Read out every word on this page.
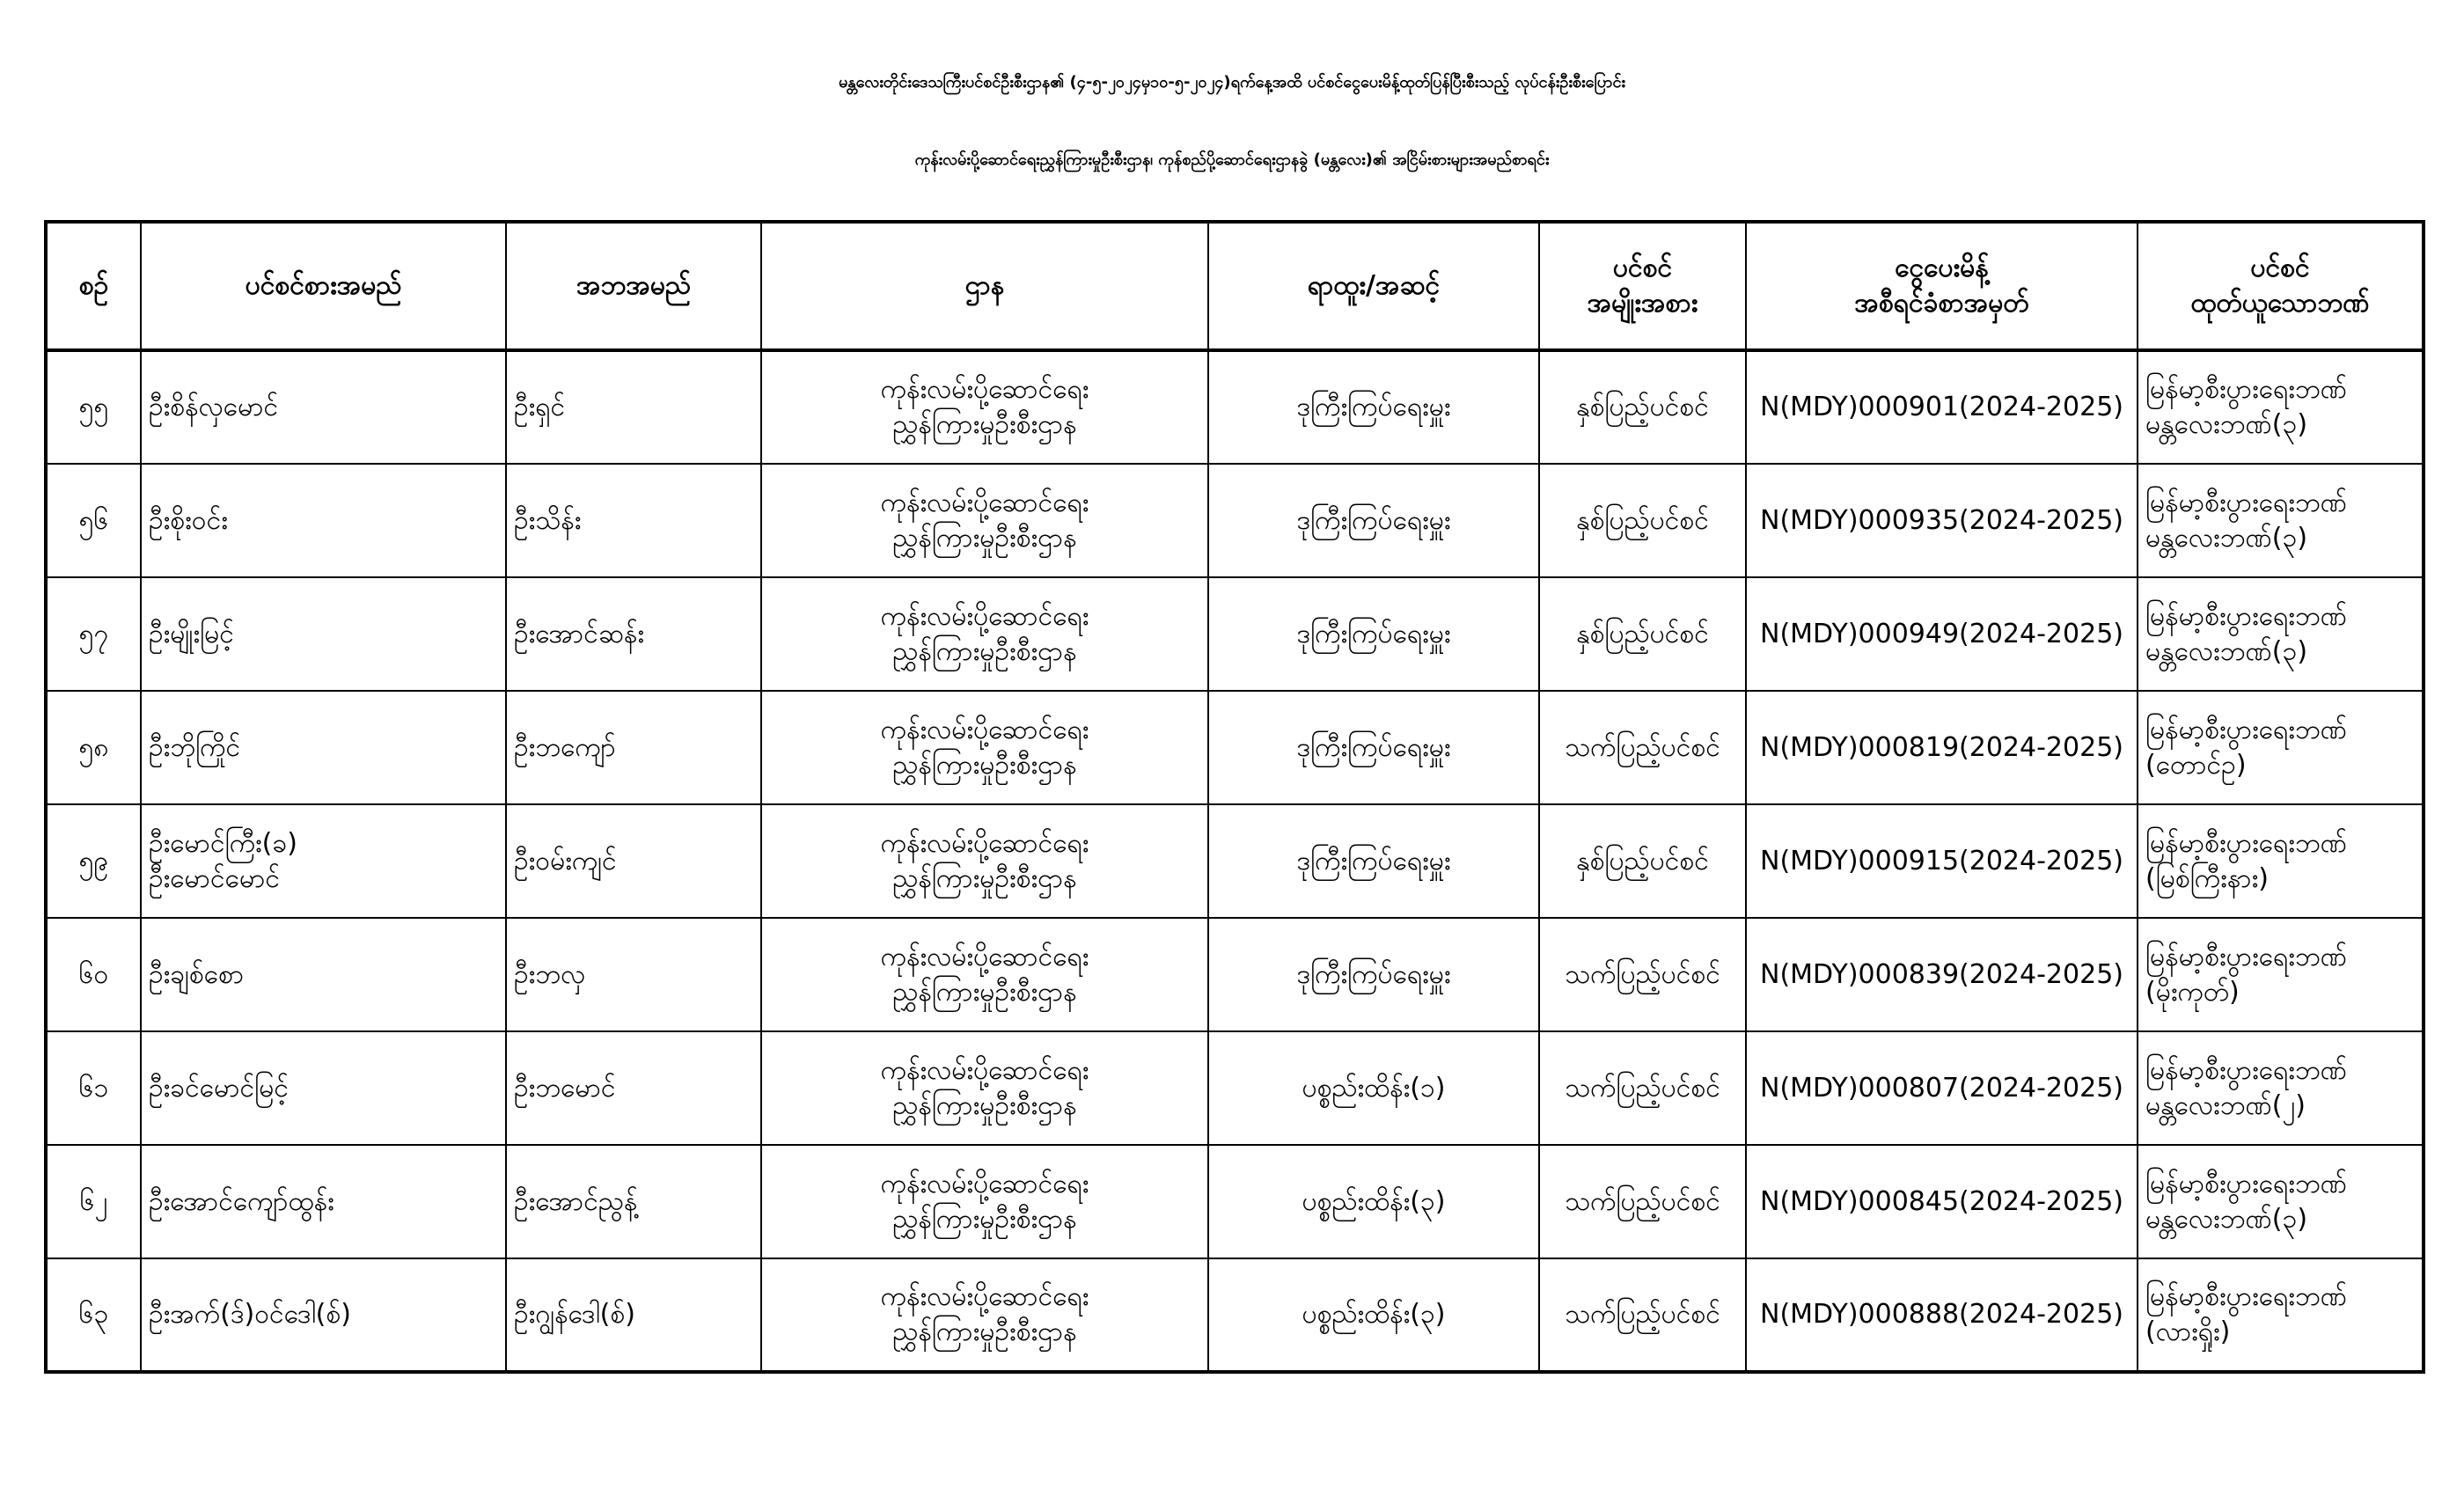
မန္တလေးတိုင်းဒေသကြီးပင်စင်ဦးစီးဌာန၏ (၄-၅-၂၀၂၄မှ၁၀-၅-၂၀၂၄)ရက်နေ့အထိ ပင်စင်ငွေပေးမိန့်ထုတ်ပြန်ပြီးစီးသည့် လုပ်ငန်းဦးစီးပြောင်း
ကုန်းလမ်းပို့ဆောင်ရေးညွှန်ကြားမှုဦးစီးဌာန၊ ကုန်စည်ပို့ဆောင်ရေးဌာနခွဲ (မန္တလေး)၏ အငြိမ်းစားများအမည်စာရင်း
စဉ်	ပင်စင်စားအမည်	အဘအမည်	ဌာန	ရာထူး/အဆင့်	ပင်စင်
အမျိုးအစား	ငွေပေးမိန့်
အစီရင်ခံစာအမှတ်	ပင်စင်
ထုတ်ယူသောဘဏ်

၅၅	ဦးစိန်လှမောင်	ဦးရှင်	ကုန်းလမ်းပို့ဆောင်ရေး
ညွှန်ကြားမှုဦးစီးဌာန	ဒုကြီးကြပ်ရေးမှူး	နှစ်ပြည့်ပင်စင်	N(MDY)000901(2024-2025)	မြန်မာ့စီးပွားရေးဘဏ်
မန္တလေးဘဏ်(၃)

၅၆	ဦးစိုးဝင်း	ဦးသိန်း	ကုန်းလမ်းပို့ဆောင်ရေး
ညွှန်ကြားမှုဦးစီးဌာန	ဒုကြီးကြပ်ရေးမှူး	နှစ်ပြည့်ပင်စင်	N(MDY)000935(2024-2025)	မြန်မာ့စီးပွားရေးဘဏ်
မန္တလေးဘဏ်(၃)

၅၇	ဦးမျိုးမြင့်	ဦးအောင်ဆန်း	ကုန်းလမ်းပို့ဆောင်ရေး
ညွှန်ကြားမှုဦးစီးဌာန	ဒုကြီးကြပ်ရေးမှူး	နှစ်ပြည့်ပင်စင်	N(MDY)000949(2024-2025)	မြန်မာ့စီးပွားရေးဘဏ်
မန္တလေးဘဏ်(၃)

၅၈	ဦးဘိုကြိုင်	ဦးဘကျော်	ကုန်းလမ်းပို့ဆောင်ရေး
ညွှန်ကြားမှုဦးစီးဌာန	ဒုကြီးကြပ်ရေးမှူး	သက်ပြည့်ပင်စင်	N(MDY)000819(2024-2025)	မြန်မာ့စီးပွားရေးဘဏ်
(တောင်ဥ)

၅၉	ဦးမောင်ကြီး(ခ)
ဦးမောင်မောင်	ဦးဝမ်းကျင်	ကုန်းလမ်းပို့ဆောင်ရေး
ညွှန်ကြားမှုဦးစီးဌာန	ဒုကြီးကြပ်ရေးမှူး	နှစ်ပြည့်ပင်စင်	N(MDY)000915(2024-2025)	မြန်မာ့စီးပွားရေးဘဏ်
(မြစ်ကြီးနား)

၆၀	ဦးချစ်စော	ဦးဘလှ	ကုန်းလမ်းပို့ဆောင်ရေး
ညွှန်ကြားမှုဦးစီးဌာန	ဒုကြီးကြပ်ရေးမှူး	သက်ပြည့်ပင်စင်	N(MDY)000839(2024-2025)	မြန်မာ့စီးပွားရေးဘဏ်
(မိုးကုတ်)

၆၁	ဦးခင်မောင်မြင့်	ဦးဘမောင်	ကုန်းလမ်းပို့ဆောင်ရေး
ညွှန်ကြားမှုဦးစီးဌာန	ပစ္စည်းထိန်း(၁)	သက်ပြည့်ပင်စင်	N(MDY)000807(2024-2025)	မြန်မာ့စီးပွားရေးဘဏ်
မန္တလေးဘဏ်(၂)

၆၂	ဦးအောင်ကျော်ထွန်း	ဦးအောင်ညွန့်	ကုန်းလမ်းပို့ဆောင်ရေး
ညွှန်ကြားမှုဦးစီးဌာန	ပစ္စည်းထိန်း(၃)	သက်ပြည့်ပင်စင်	N(MDY)000845(2024-2025)	မြန်မာ့စီးပွားရေးဘဏ်
မန္တလေးဘဏ်(၃)

၆၃	ဦးအက်(ဒ်)ဝင်ဒေါ(စ်)	ဦးဂျွန်ဒေါ(စ်)	ကုန်းလမ်းပို့ဆောင်ရေး
ညွှန်ကြားမှုဦးစီးဌာန	ပစ္စည်းထိန်း(၃)	သက်ပြည့်ပင်စင်	N(MDY)000888(2024-2025)	မြန်မာ့စီးပွားရေးဘဏ်
(လားရှိုး)
